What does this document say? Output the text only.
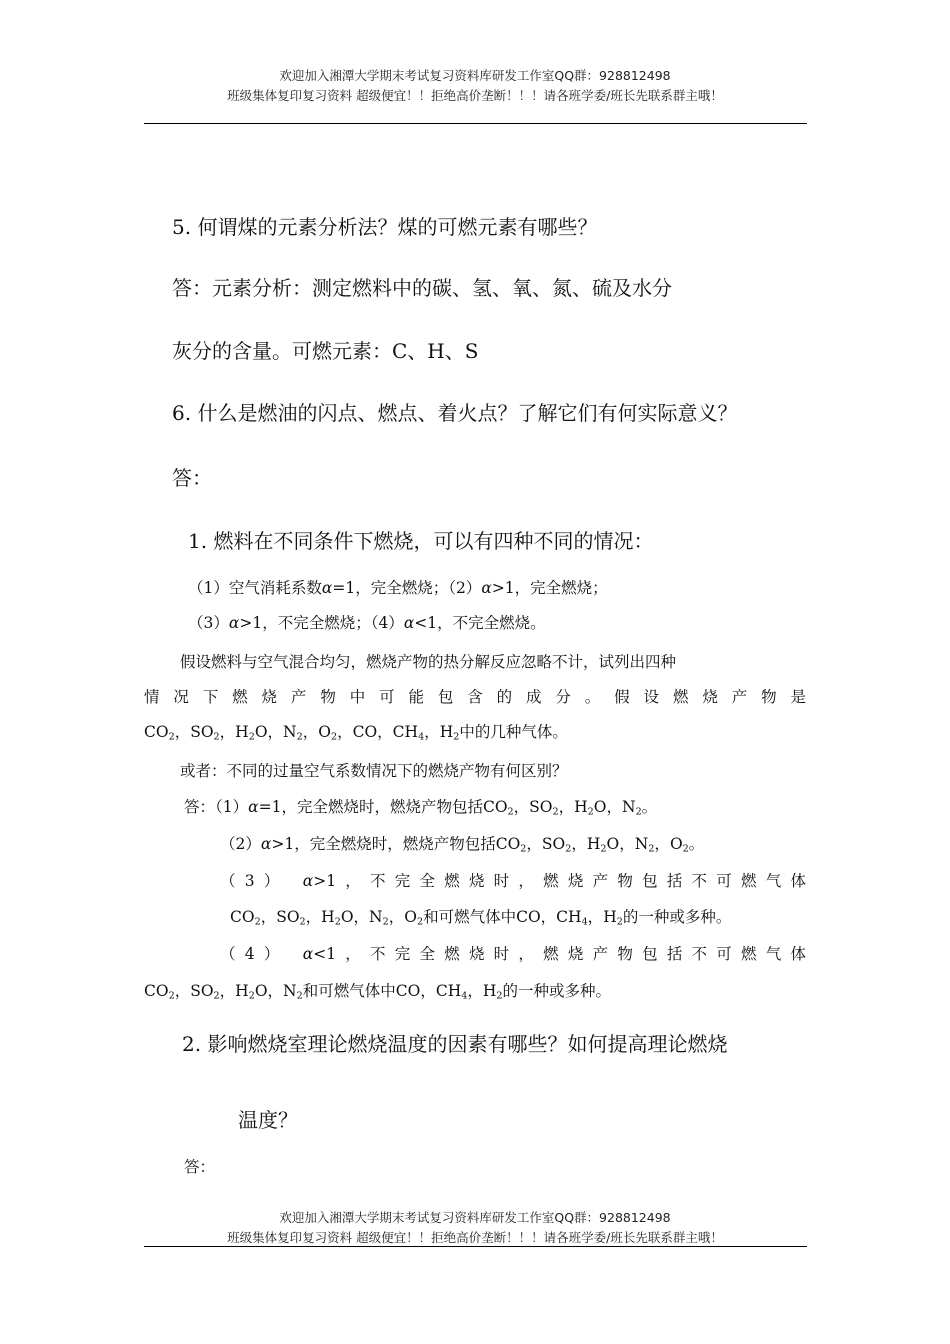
欢迎加入湘潭大学期末考试复习资料库研发工作室QQ群：928812498
班级集体复印复习资料 超级便宜！！拒绝高价垄断！！！请各班学委/班长先联系群主哦！
5. 何谓煤的元素分析法？煤的可燃元素有哪些？
答：元素分析：测定燃料中的碳、氢、氧、氮、硫及水分
灰分的含量。可燃元素：C、H、S
6. 什么是燃油的闪点、燃点、着火点？了解它们有何实际意义？
答：
1. 燃料在不同条件下燃烧，可以有四种不同的情况：
（1）空气消耗系数α=1，完全燃烧；（2）α>1，完全燃烧；
（3）α>1，不完全燃烧；（4）α<1，不完全燃烧。
假设燃料与空气混合均匀，燃烧产物的热分解反应忽略不计，试列出四种
情况下燃烧产物中可能包含的成分。假设燃烧产物是
$CO_2$，$SO_2$，$H_2O$，$N_2$，$O_2$，CO，$CH_4$，$H_2$中的几种气体。
或者：不同的过量空气系数情况下的燃烧产物有何区别？
答：（1）α=1，完全燃烧时，燃烧产物包括$CO_2$，$SO_2$，$H_2O$，$N_2$。
（2）α>1，完全燃烧时，燃烧产物包括$CO_2$，$SO_2$，$H_2O$，$N_2$，$O_2$。
（3） α>1，不完全燃烧时，燃烧产物包括不可燃气体
$CO_2$，$SO_2$，$H_2O$，$N_2$，$O_2$和可燃气体中CO，$CH_4$，$H_2$的一种或多种。
（4） α<1，不完全燃烧时，燃烧产物包括不可燃气体
$CO_2$，$SO_2$，$H_2O$，$N_2$和可燃气体中CO，$CH_4$，$H_2$的一种或多种。
2. 影响燃烧室理论燃烧温度的因素有哪些？如何提高理论燃烧
温度？
答：
欢迎加入湘潭大学期末考试复习资料库研发工作室QQ群：928812498
班级集体复印复习资料 超级便宜！！拒绝高价垄断！！！请各班学委/班长先联系群主哦！
